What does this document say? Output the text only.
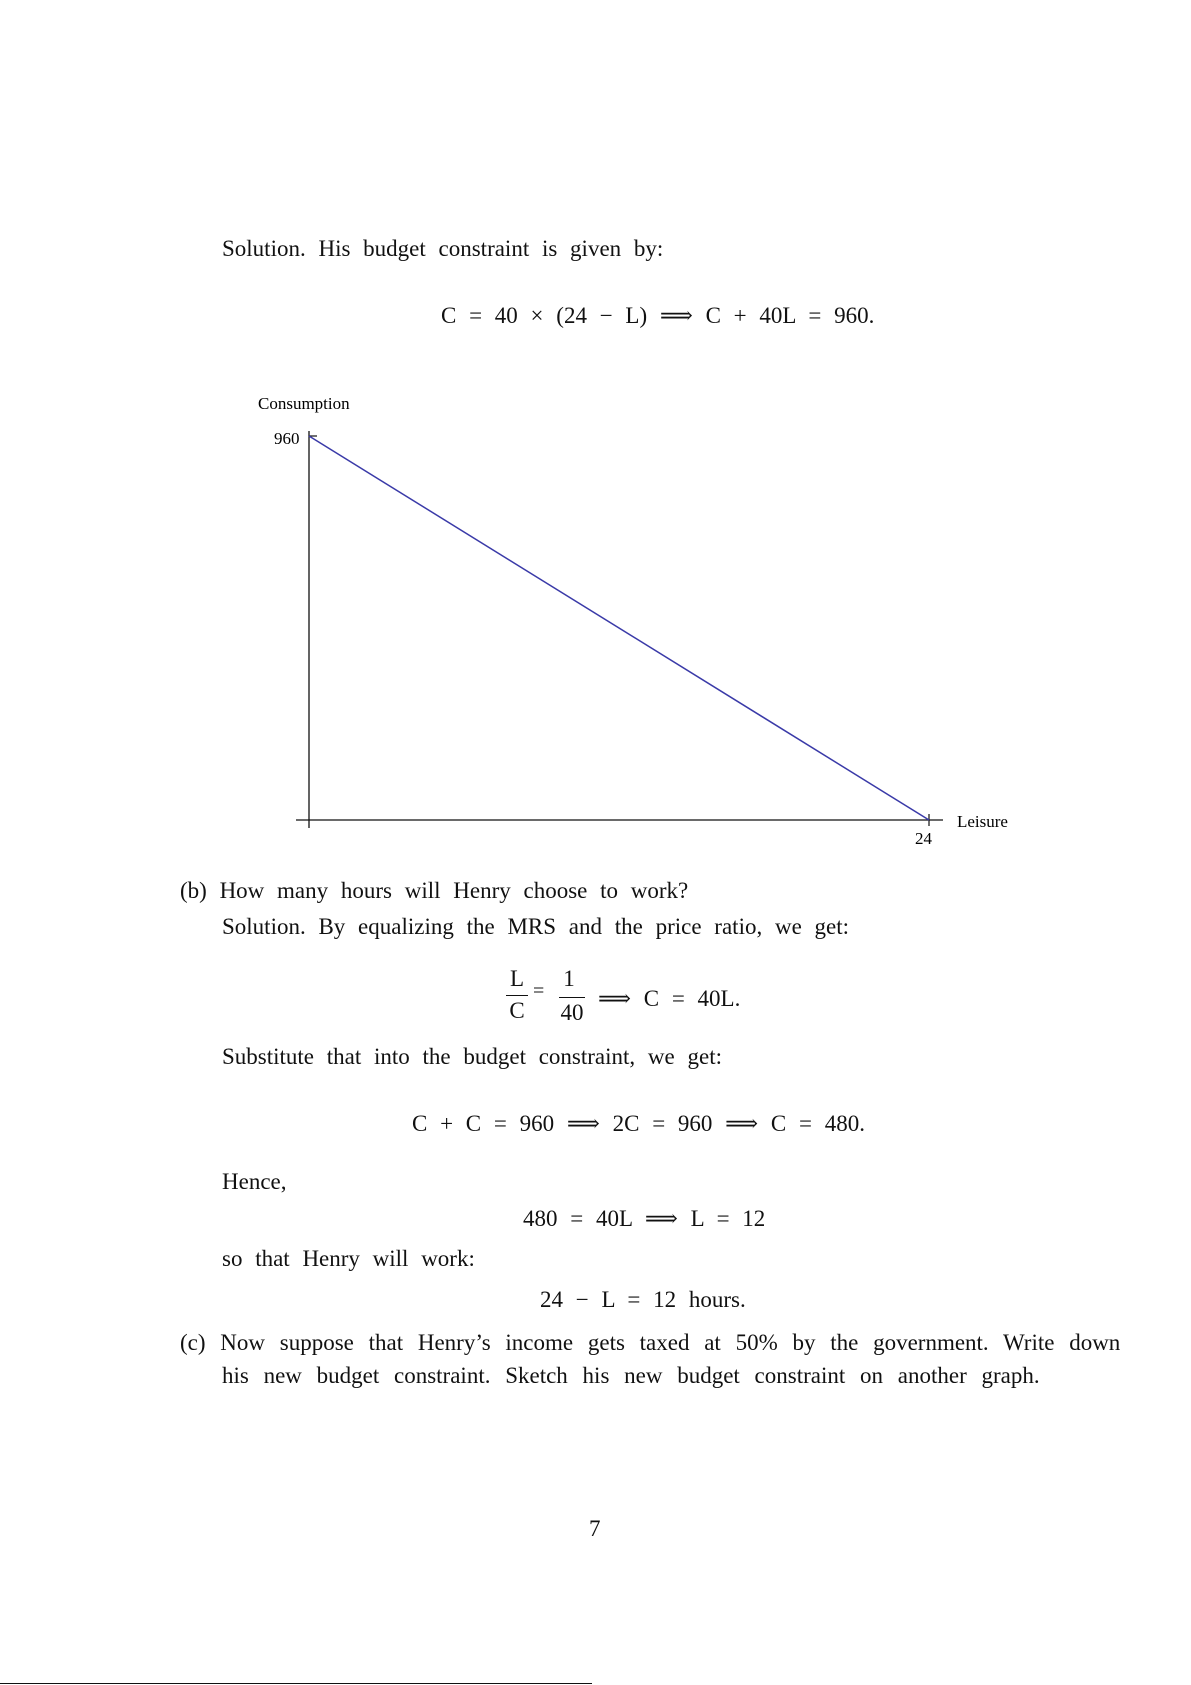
Solution. His budget constraint is given by:
C = 40 × (24 − L) ⟹ C + 40L = 960.
Consumption
Leisure
960
24
(b) How many hours will Henry choose to work?
Solution. By equalizing the MRS and the price ratio, we get:
L
C
= 1
40
⟹ C = 40L.
Substitute that into the budget constraint, we get:
C + C = 960 ⟹ 2C = 960 ⟹ C = 480.
Hence,
480 = 40L ⟹ L = 12
so that Henry will work:
24 − L = 12 hours.
(c) Now suppose that Henry’s income gets taxed at 50% by the government. Write down
his new budget constraint. Sketch his new budget constraint on another graph.
7
